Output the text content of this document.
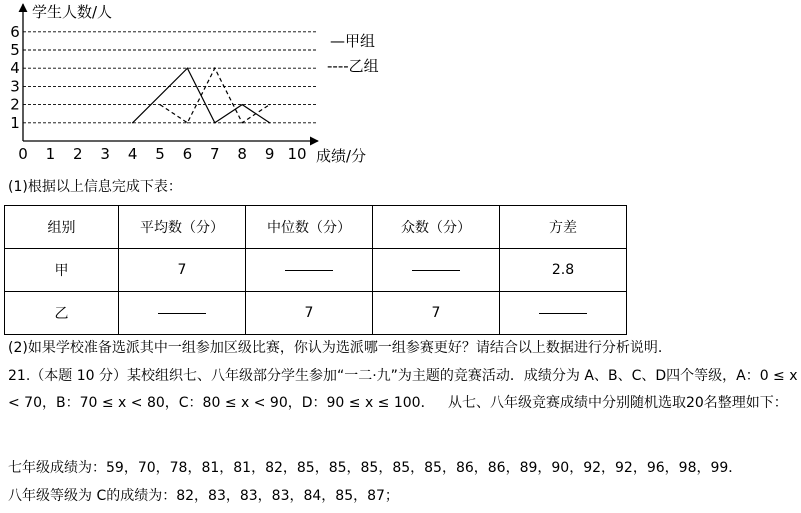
学生人数/人
成绩/分
1
2
3
4
5
6
0 1 2 3 4 5 6 7 8 9 10
—甲组
----乙组
(1)根据以上信息完成下表：
组别	平均数（分）	中位数（分）	众数（分）	方差
甲	7			2.8
乙		7	7	
(2)如果学校准备选派其中一组参加区级比赛，你认为选派哪一组参赛更好？请结合以上数据进行分析说明.
21.（本题 10 分）某校组织七、八年级部分学生参加“一二·九”为主题的竞赛活动．成绩分为 A、B、C、D四个等级，A：0 ≤ x < 70，B：70 ≤ x < 80，C：80 ≤ x < 90，D：90 ≤ x ≤ 100． 从七、八年级竞赛成绩中分别随机选取20名整理如下：
七年级成绩为：59，70，78，81，81，82，85，85，85，85，85，86，86，89，90，92，92，96，98，99．
八年级等级为 C的成绩为：82，83，83，83，84，85，87；
